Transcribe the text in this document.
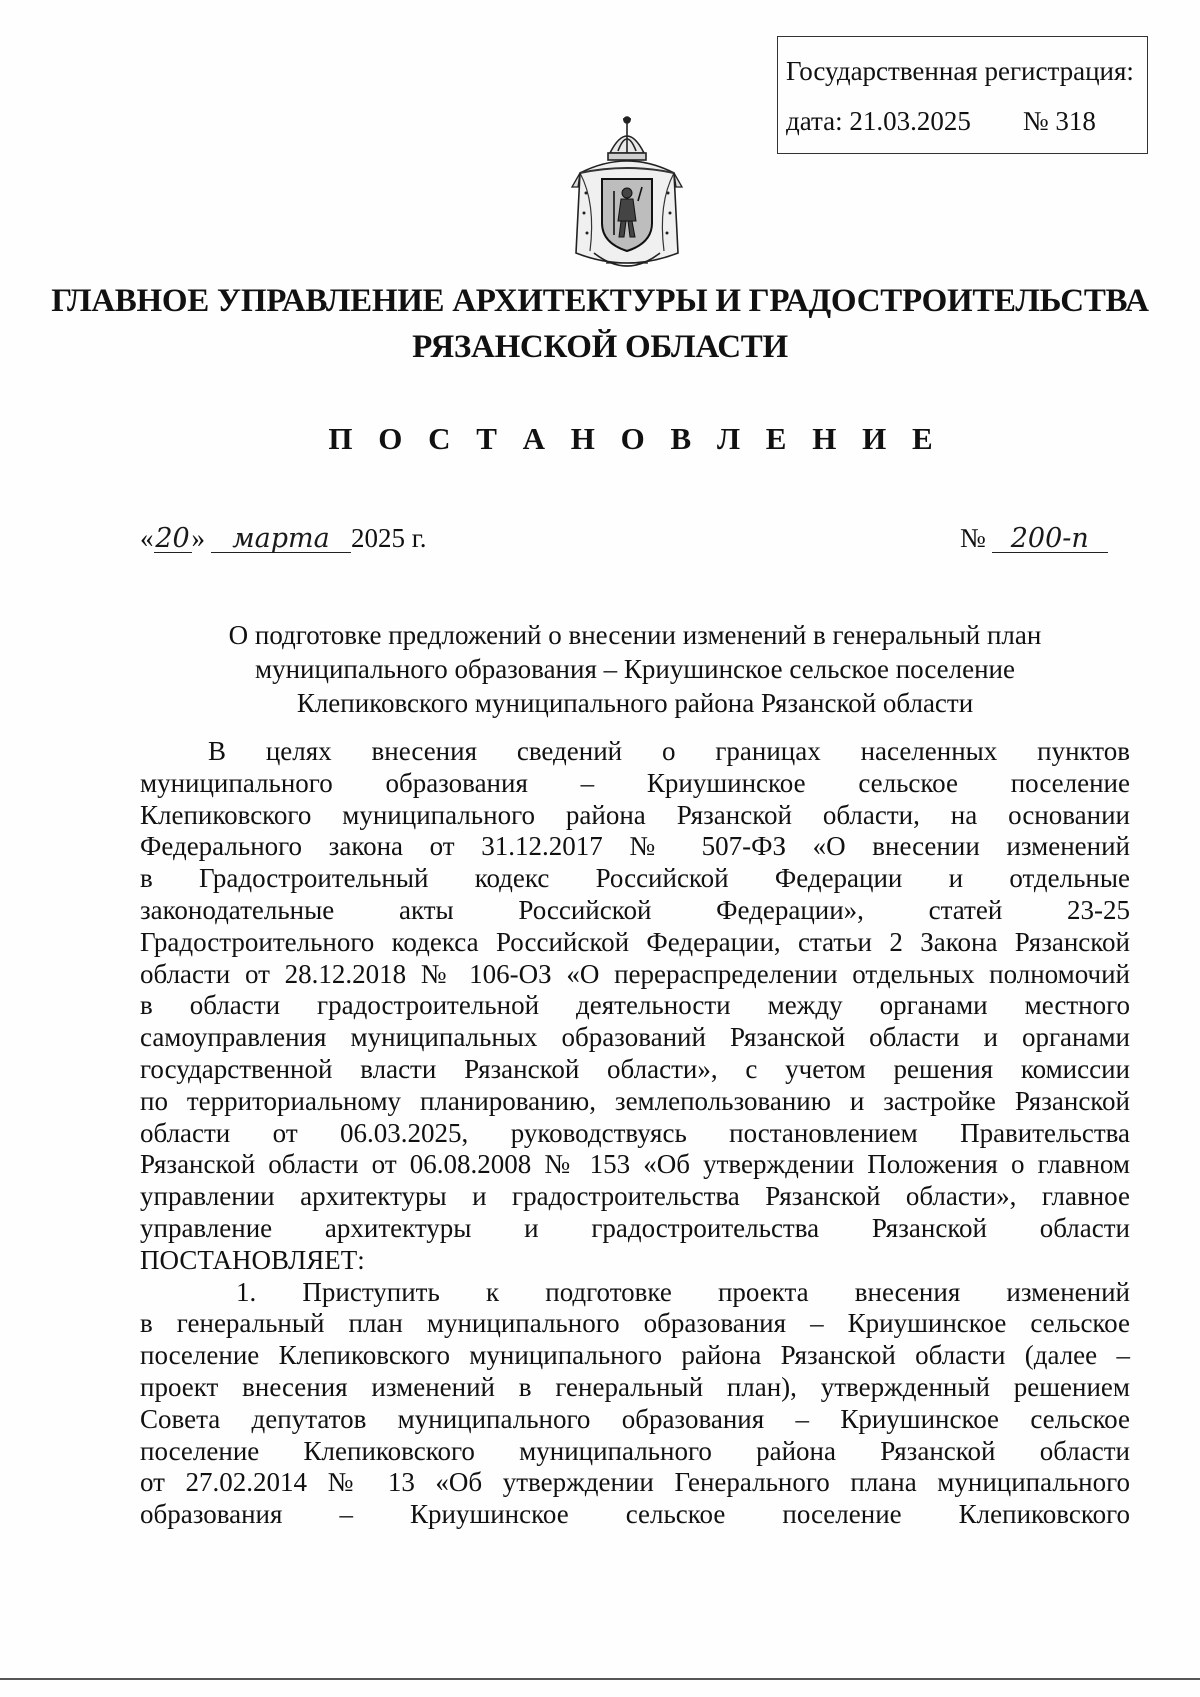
Государственная регистрация:
дата: 21.03.2025 № 318
ГЛАВНОЕ УПРАВЛЕНИЕ АРХИТЕКТУРЫ И ГРАДОСТРОИТЕЛЬСТВА
РЯЗАНСКОЙ ОБЛАСТИ
П О С Т А Н О В Л Е Н И Е
«20» марта 2025 г.	№ 200-п
О подготовке предложений о внесении изменений в генеральный план
муниципального образования – Криушинское сельское поселение
Клепиковского муниципального района Рязанской области

В целях внесения сведений о границах населенных пунктов

муниципального образования – Криушинское сельское поселение

Клепиковского муниципального района Рязанской области, на основании

Федерального закона от 31.12.2017 № 507-ФЗ «О внесении изменений

в Градостроительный кодекс Российской Федерации и отдельные

законодательные акты Российской Федерации», статей 23-25

Градостроительного кодекса Российской Федерации, статьи 2 Закона Рязанской

области от 28.12.2018 № 106-ОЗ «О перераспределении отдельных полномочий

в области градостроительной деятельности между органами местного

самоуправления муниципальных образований Рязанской области и органами

государственной власти Рязанской области», с учетом решения комиссии

по территориальному планированию, землепользованию и застройке Рязанской

области от 06.03.2025, руководствуясь постановлением Правительства

Рязанской области от 06.08.2008 № 153 «Об утверждении Положения о главном

управлении архитектуры и градостроительства Рязанской области», главное

управление архитектуры и градостроительства Рязанской области

ПОСТАНОВЛЯЕТ:

1. Приступить к подготовке проекта внесения изменений

в генеральный план муниципального образования – Криушинское сельское

поселение Клепиковского муниципального района Рязанской области (далее –

проект внесения изменений в генеральный план), утвержденный решением

Совета депутатов муниципального образования – Криушинское сельское

поселение Клепиковского муниципального района Рязанской области

от 27.02.2014 № 13 «Об утверждении Генерального плана муниципального

образования – Криушинское сельское поселение Клепиковского
